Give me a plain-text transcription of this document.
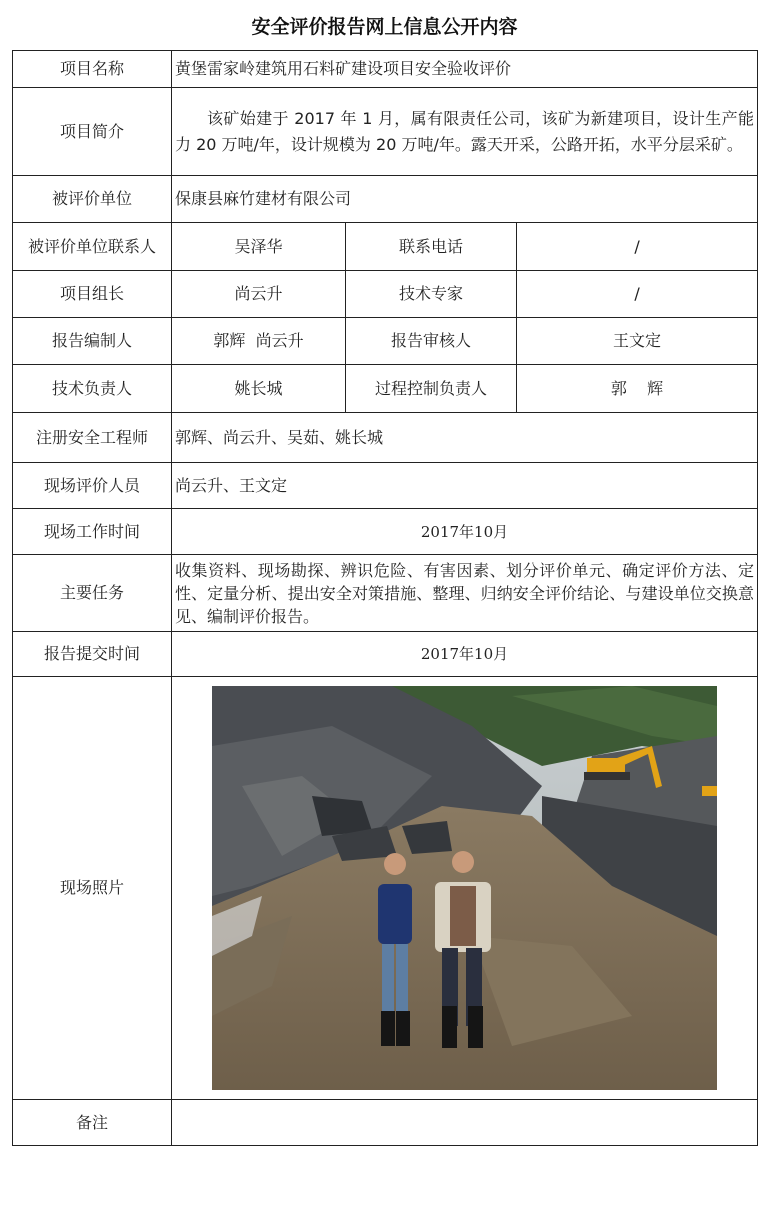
安全评价报告网上信息公开内容
项目名称	黄堡雷家岭建筑用石料矿建设项目安全验收评价		
项目简介	该矿始建于 2017 年 1 月，属有限责任公司，该矿为新建项目，设计生产能力 20 万吨/年，设计规模为 20 万吨/年。露天开采，公路开拓，水平分层采矿。		

被评价单位	保康县麻竹建材有限公司		
被评价单位联系人	吴泽华	联系电话	/
项目组长	尚云升	技术专家	/
报告编制人	郭辉  尚云升	报告审核人	王文定
技术负责人	姚长城	过程控制负责人	郭    辉
注册安全工程师	郭辉、尚云升、吴茹、姚长城		
现场评价人员	尚云升、王文定		
现场工作时间	2017年10月		
主要任务	收集资料、现场勘探、辨识危险、有害因素、划分评价单元、确定评价方法、定性、定量分析、提出安全对策措施、整理、归纳安全评价结论、与建设单位交换意见、编制评价报告。		

报告提交时间	2017年10月		
现场照片	

备注			
